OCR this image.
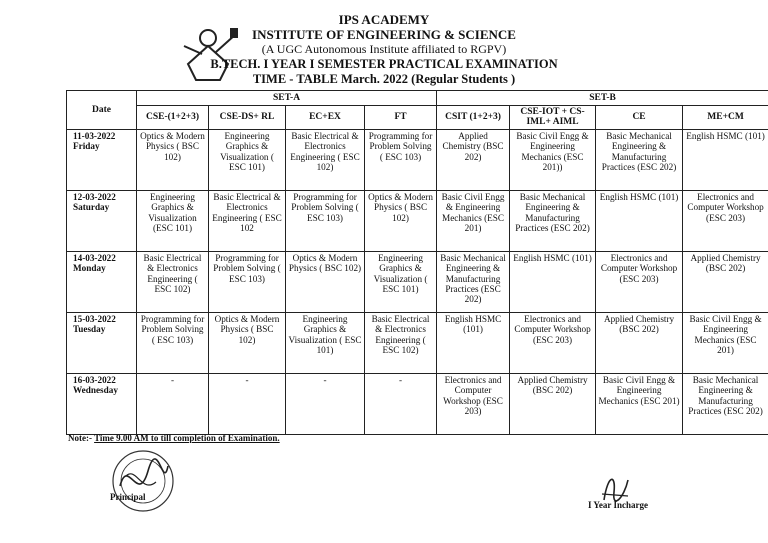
IPS ACADEMY
INSTITUTE OF ENGINEERING & SCIENCE
(A UGC Autonomous Institute affiliated to RGPV)
B.TECH. I YEAR I SEMESTER PRACTICAL EXAMINATION
TIME - TABLE March. 2022 (Regular Students )
Date	SET-A				SET-B			
	CSE-(1+2+3)	CSE-DS+ RL	EC+EX	FT	CSIT (1+2+3)	CSE-IOT + CS-IML+ AIML	CE	ME+CM
11-03-2022
Friday	Optics & Modern Physics ( BSC 102)	Engineering Graphics & Visualization ( ESC 101)	Basic Electrical & Electronics Engineering ( ESC 102)	Programming for Problem Solving ( ESC 103)	Applied Chemistry (BSC 202)	Basic Civil Engg & Engineering Mechanics (ESC 201))	Basic Mechanical Engineering & Manufacturing Practices (ESC 202)	English HSMC (101)
12-03-2022
Saturday	Engineering Graphics & Visualization (ESC 101)	Basic Electrical & Electronics Engineering ( ESC 102	Programming for Problem Solving ( ESC 103)	Optics & Modern Physics ( BSC 102)	Basic Civil Engg & Engineering Mechanics (ESC 201)	Basic Mechanical Engineering & Manufacturing Practices (ESC 202)	English HSMC (101)	Electronics and Computer Workshop (ESC 203)
14-03-2022
Monday	Basic Electrical & Electronics Engineering ( ESC 102)	Programming for Problem Solving ( ESC 103)	Optics & Modern Physics ( BSC 102)	Engineering Graphics & Visualization ( ESC 101)	Basic Mechanical Engineering & Manufacturing Practices (ESC 202)	English HSMC (101)	Electronics and Computer Workshop (ESC 203)	Applied Chemistry (BSC 202)
15-03-2022
Tuesday	Programming for Problem Solving ( ESC 103)	Optics & Modern Physics ( BSC 102)	Engineering Graphics & Visualization ( ESC 101)	Basic Electrical & Electronics Engineering ( ESC 102)	English HSMC (101)	Electronics and Computer Workshop (ESC 203)	Applied Chemistry (BSC 202)	Basic Civil Engg & Engineering Mechanics (ESC 201)
16-03-2022
Wednesday	-	-	-	-	Electronics and Computer Workshop (ESC 203)	Applied Chemistry (BSC 202)	Basic Civil Engg & Engineering Mechanics (ESC 201)	Basic Mechanical Engineering & Manufacturing Practices (ESC 202)
Note:- Time 9.00 AM to till completion of Examination.
Principal
I Year Incharge
